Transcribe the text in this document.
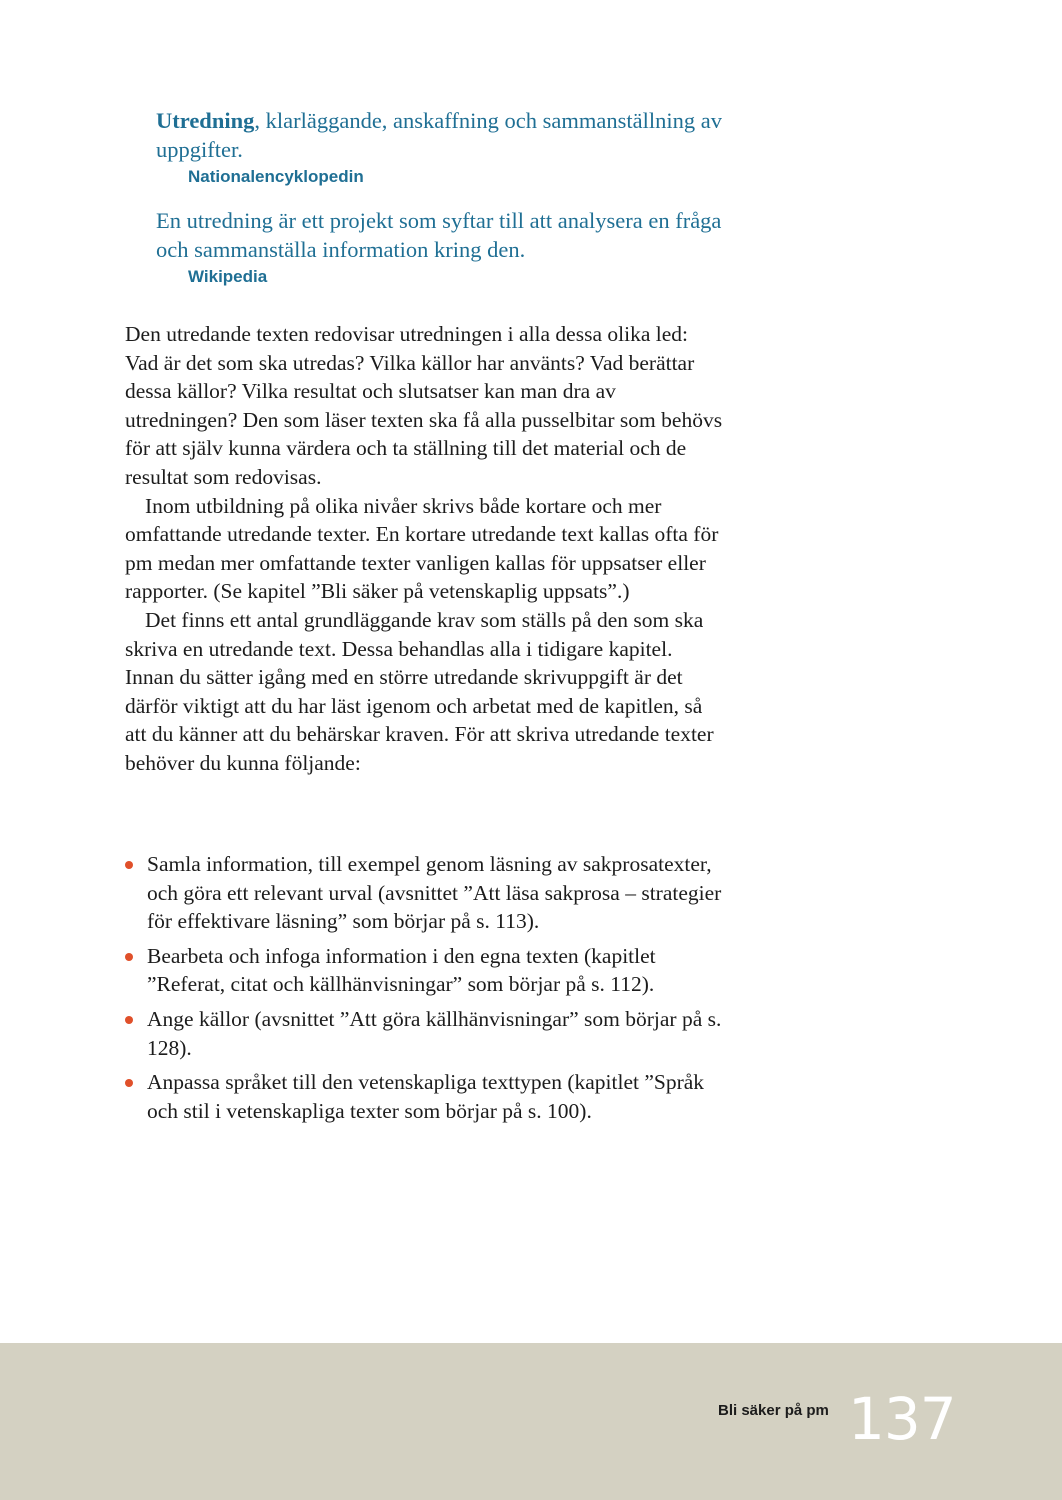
Utredning, klarläggande, anskaffning och sammanställning av uppgifter.

Nationalencyklopedin

En utredning är ett projekt som syftar till att analysera en fråga och sammanställa information kring den.

Wikipedia

Den utredande texten redovisar utredningen i alla dessa olika led: Vad är det som ska utredas? Vilka källor har använts? Vad berättar dessa källor? Vilka resultat och slutsatser kan man dra av utredningen? Den som läser texten ska få alla pusselbitar som behövs för att själv kunna värdera och ta ställning till det material och de resultat som redovisas.

Inom utbildning på olika nivåer skrivs både kortare och mer omfattande utredande texter. En kortare utredande text kallas ofta för pm medan mer omfattande texter vanligen kallas för uppsatser eller rapporter. (Se kapitel ”Bli säker på vetenskaplig uppsats”.)

Det finns ett antal grundläggande krav som ställs på den som ska skriva en utredande text. Dessa behandlas alla i tidigare kapitel. Innan du sätter igång med en större utredande skrivuppgift är det därför viktigt att du har läst igenom och arbetat med de kapitlen, så att du känner att du behärskar kraven. För att skriva utredande texter behöver du kunna följande:

Samla information, till exempel genom läsning av sakprosatexter, och göra ett relevant urval (avsnittet ”Att läsa sakprosa – strategier för effektivare läsning” som börjar på s. 113).
Bearbeta och infoga information i den egna texten (kapitlet ”Referat, citat och källhänvisningar” som börjar på s. 112).
Ange källor (avsnittet ”Att göra källhänvisningar” som börjar på s. 128).
Anpassa språket till den vetenskapliga texttypen (kapitlet ”Språk och stil i vetenskapliga texter som börjar på s. 100).
Bli säker på pm 137
